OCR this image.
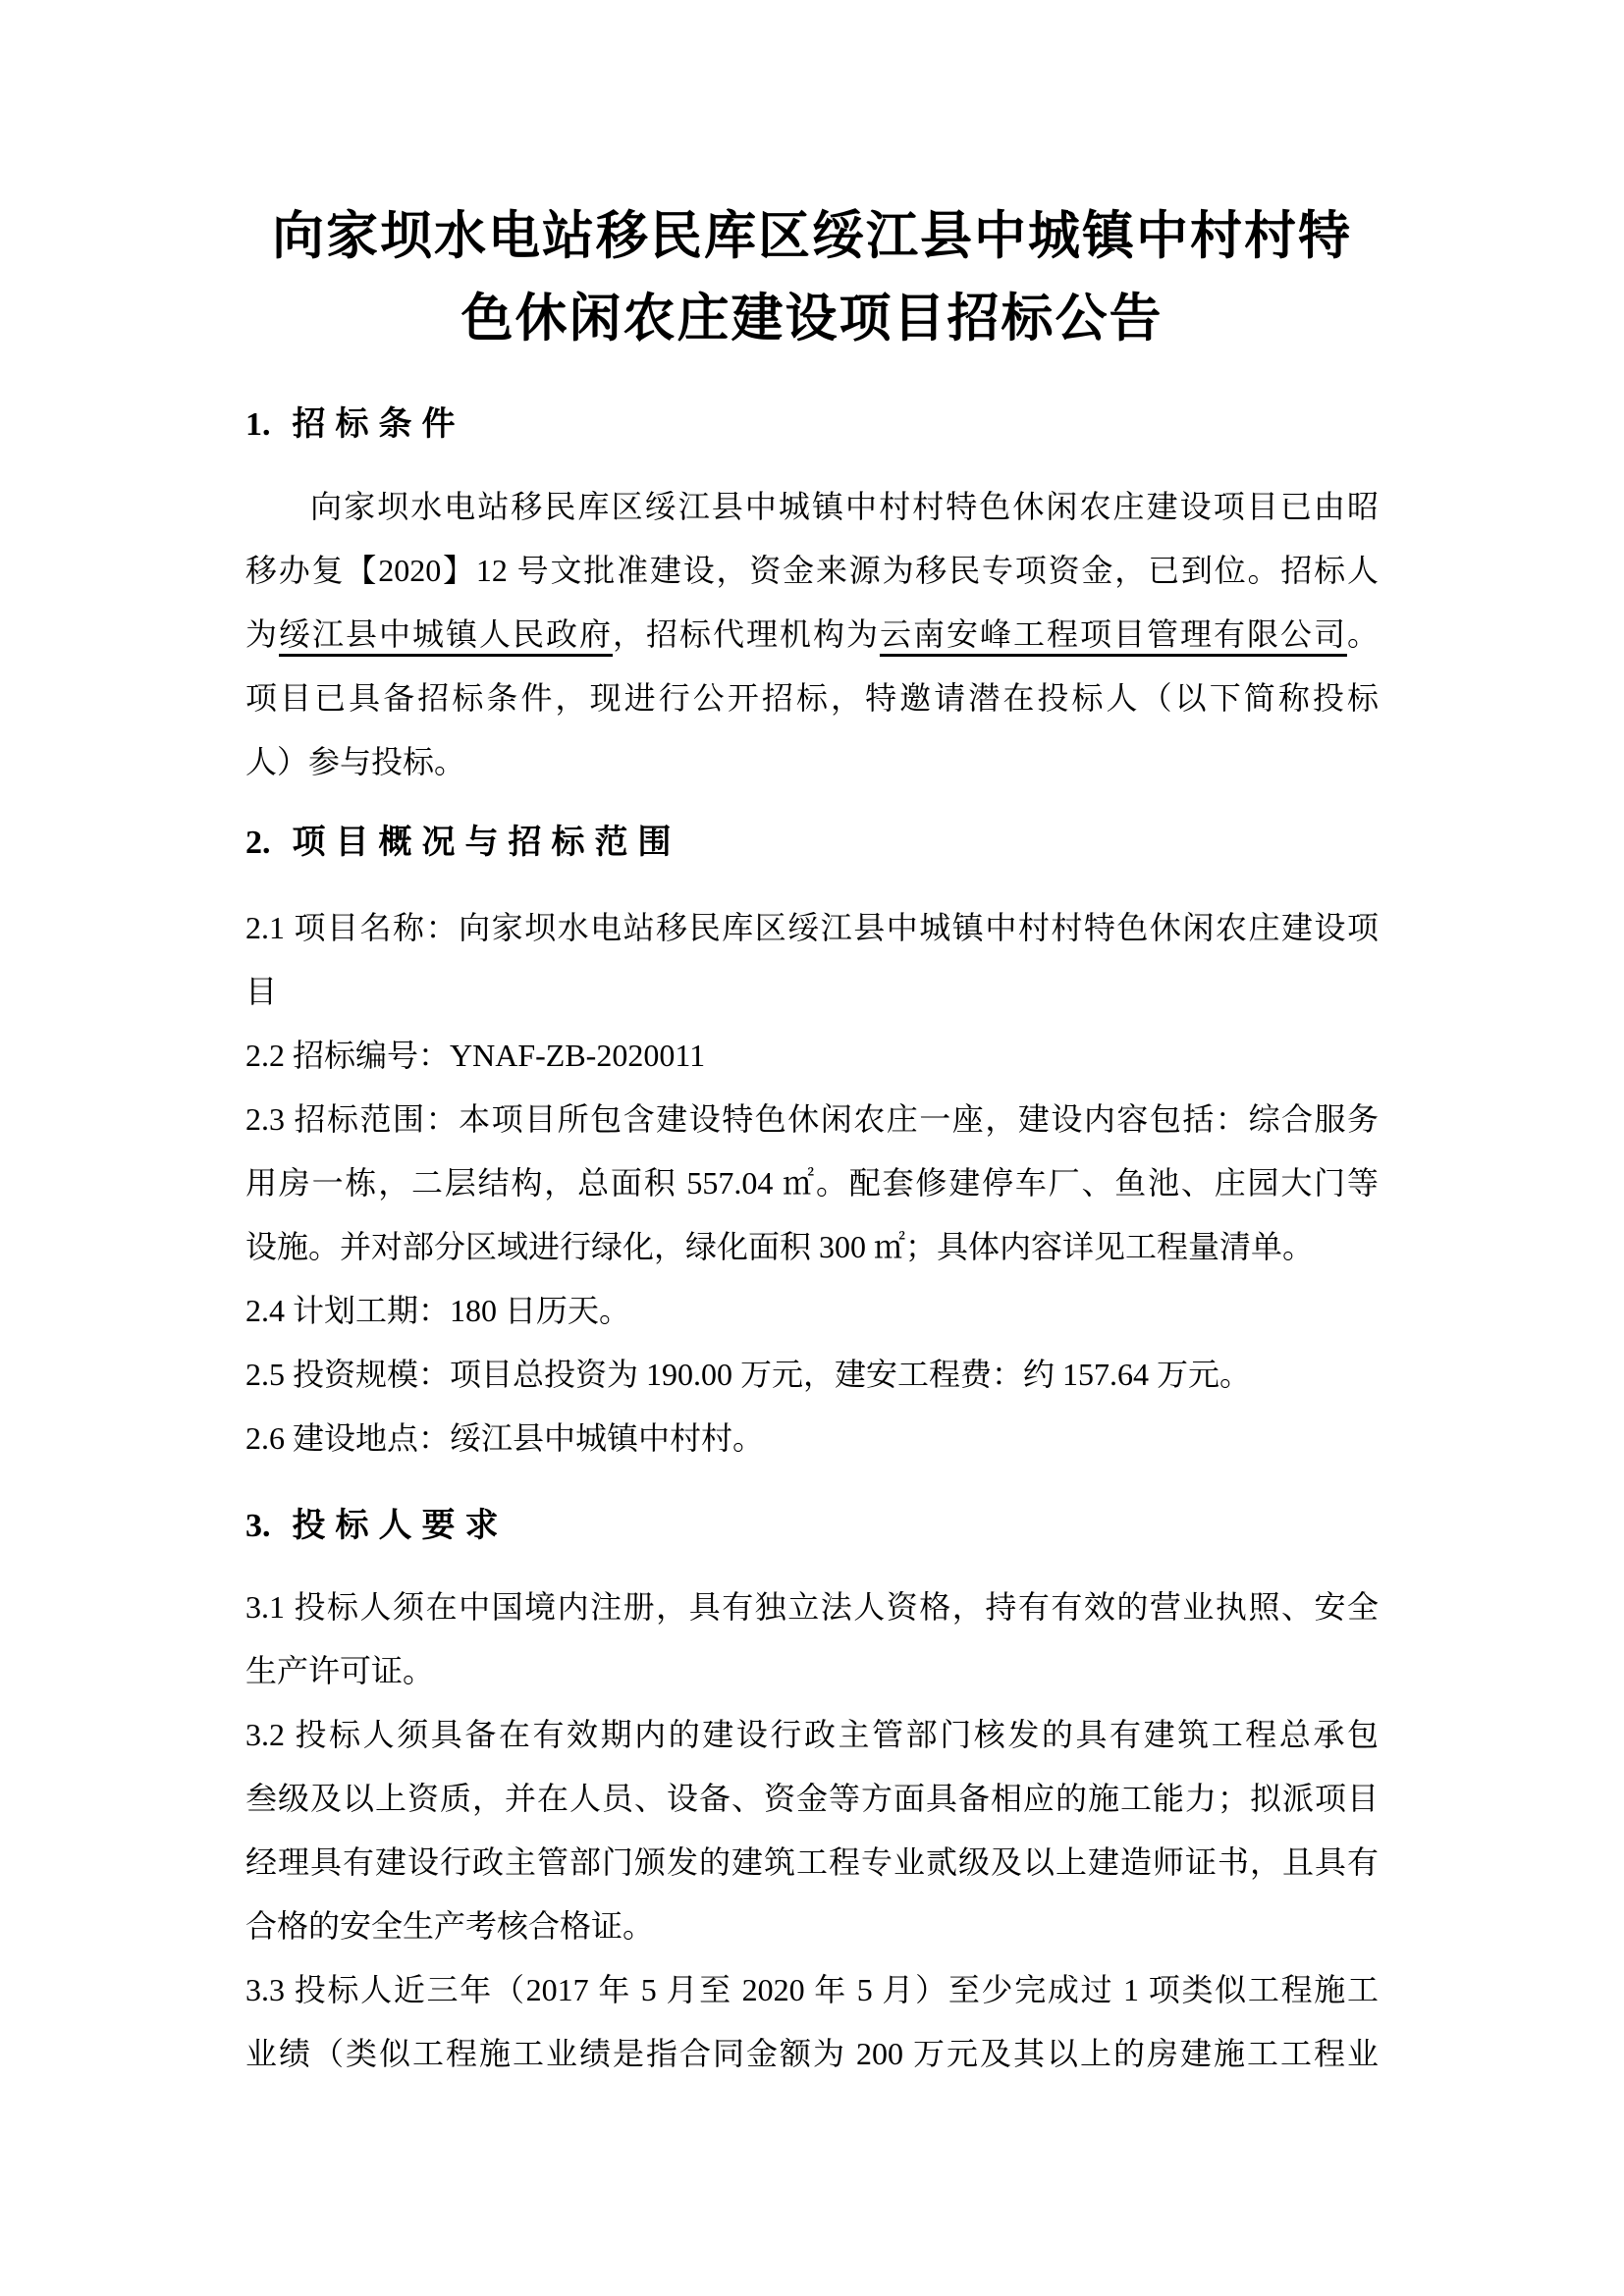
向家坝水电站移民库区绥江县中城镇中村村特
色休闲农庄建设项目招标公告
1. 招标条件
向家坝水电站移民库区绥江县中城镇中村村特色休闲农庄建设项目已由昭
移办复【2020】12 号文批准建设，资金来源为移民专项资金，已到位。招标人
为绥江县中城镇人民政府，招标代理机构为云南安峰工程项目管理有限公司。
项目已具备招标条件，现进行公开招标，特邀请潜在投标人（以下简称投标
人）参与投标。
2. 项目概况与招标范围
2.1 项目名称：向家坝水电站移民库区绥江县中城镇中村村特色休闲农庄建设项
目
2.2 招标编号：YNAF-ZB-2020011
2.3 招标范围：本项目所包含建设特色休闲农庄一座，建设内容包括：综合服务
用房一栋，二层结构，总面积 557.04 ㎡。配套修建停车厂、鱼池、庄园大门等
设施。并对部分区域进行绿化，绿化面积 300 ㎡；具体内容详见工程量清单。
2.4 计划工期：180 日历天。
2.5 投资规模：项目总投资为 190.00 万元，建安工程费：约 157.64 万元。
2.6 建设地点：绥江县中城镇中村村。
3. 投标人要求
3.1 投标人须在中国境内注册，具有独立法人资格，持有有效的营业执照、安全
生产许可证。
3.2 投标人须具备在有效期内的建设行政主管部门核发的具有建筑工程总承包
叁级及以上资质，并在人员、设备、资金等方面具备相应的施工能力；拟派项目
经理具有建设行政主管部门颁发的建筑工程专业贰级及以上建造师证书，且具有
合格的安全生产考核合格证。
3.3 投标人近三年（2017 年 5 月至 2020 年 5 月）至少完成过 1 项类似工程施工
业绩（类似工程施工业绩是指合同金额为 200 万元及其以上的房建施工工程业
